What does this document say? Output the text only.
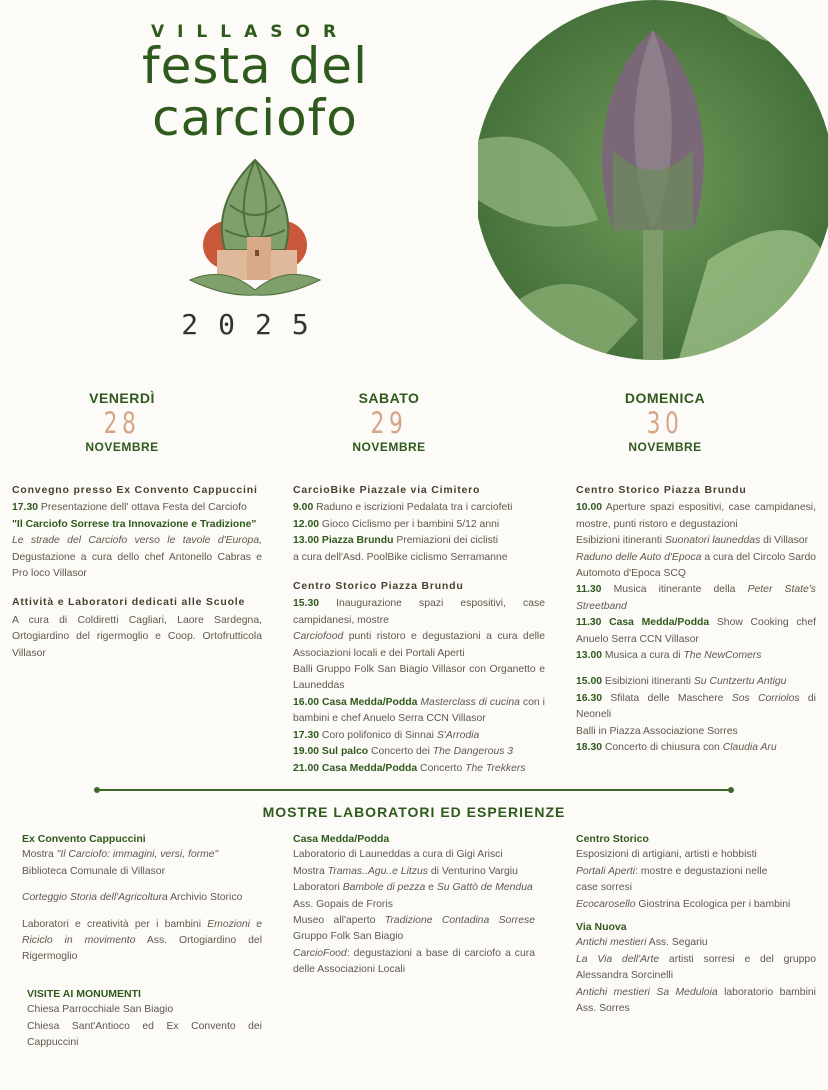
VILLASOR
festa del
carciofo
2025
VENERDÌ
28
NOVEMBRE
SABATO
29
NOVEMBRE
DOMENICA
30
NOVEMBRE
Convegno presso Ex Convento Cappuccini

17.30 Presentazione dell' ottava Festa del Carciofo

"Il Carciofo Sorrese tra Innovazione e Tradizione"

Le strade del Carciofo verso le tavole d'Europa, Degustazione a cura dello chef Antonello Cabras e Pro loco Villasor

Attività e Laboratori dedicati alle Scuole

A cura di Coldiretti Cagliari, Laore Sardegna, Ortogiardino del rigermoglio e Coop. Ortofrutticola Villasor

CarcioBike Piazzale via Cimitero

9.00 Raduno e iscrizioni Pedalata tra i carciofeti

12.00 Gioco Ciclismo per i bambini 5/12 anni

13.00 Piazza Brundu Premiazioni dei ciclisti

a cura dell'Asd. PoolBike ciclismo Serramanne

Centro Storico Piazza Brundu

15.30 Inaugurazione spazi espositivi, case campidanesi, mostre

Carciofood punti ristoro e degustazioni a cura delle Associazioni locali e dei Portali Aperti

Balli Gruppo Folk San Biagio Villasor con Organetto e Launeddas

16.00 Casa Medda/Podda Masterclass di cucina con i bambini e chef Anuelo Serra CCN Villasor

17.30 Coro polifonico di Sinnai S'Arrodia

19.00 Sul palco Concerto dei The Dangerous 3

21.00 Casa Medda/Podda Concerto The Trekkers

Centro Storico Piazza Brundu

10.00 Aperture spazi espositivi, case campidanesi, mostre, punti ristoro e degustazioni

Esibizioni itineranti Suonatori launeddas di Villasor

Raduno delle Auto d'Epoca a cura del Circolo Sardo Automoto d'Epoca SCQ

11.30 Musica itinerante della Peter State's Streetband

11.30 Casa Medda/Podda Show Cooking chef Anuelo Serra CCN Villasor

13.00 Musica a cura di The NewComers

15.00 Esibizioni itineranti Su Cuntzertu Antigu

16.30 Sfilata delle Maschere Sos Corriolos di Neoneli

Balli in Piazza Associazione Sorres

18.30 Concerto di chiusura con Claudia Aru

MOSTRE LABORATORI ED ESPERIENZE
Ex Convento Cappuccini

Mostra "Il Carciofo: immagini, versi, forme"

Biblioteca Comunale di Villasor

Corteggio Storia dell'Agricoltura Archivio Storico

Laboratori e creatività per i bambini Emozioni e Riciclo in movimento Ass. Ortogiardino del Rigermoglio

VISITE AI MONUMENTI

Chiesa Parrocchiale San Biagio

Chiesa Sant'Antioco ed Ex Convento dei Cappuccini

Casa Medda/Podda

Laboratorio di Launeddas a cura di Gigi Arisci

Mostra Tramas..Agu..e Litzus di Venturino Vargiu

Laboratori Bambole di pezza e Su Gattò de Mendua

Ass. Gopais de Froris

Museo all'aperto Tradizione Contadina Sorrese Gruppo Folk San Biagio

CarcioFood: degustazioni a base di carciofo a cura delle Associazioni Locali

Centro Storico

Esposizioni di artigiani, artisti e hobbisti

Portali Aperti: mostre e degustazioni nelle

case sorresi

Ecocarosello Giostrina Ecologica per i bambini

Via Nuova

Antichi mestieri Ass. Segariu

La Via dell'Arte artisti sorresi e del gruppo Alessandra Sorcinelli

Antichi mestieri Sa Meduloia laboratorio bambini Ass. Sorres
